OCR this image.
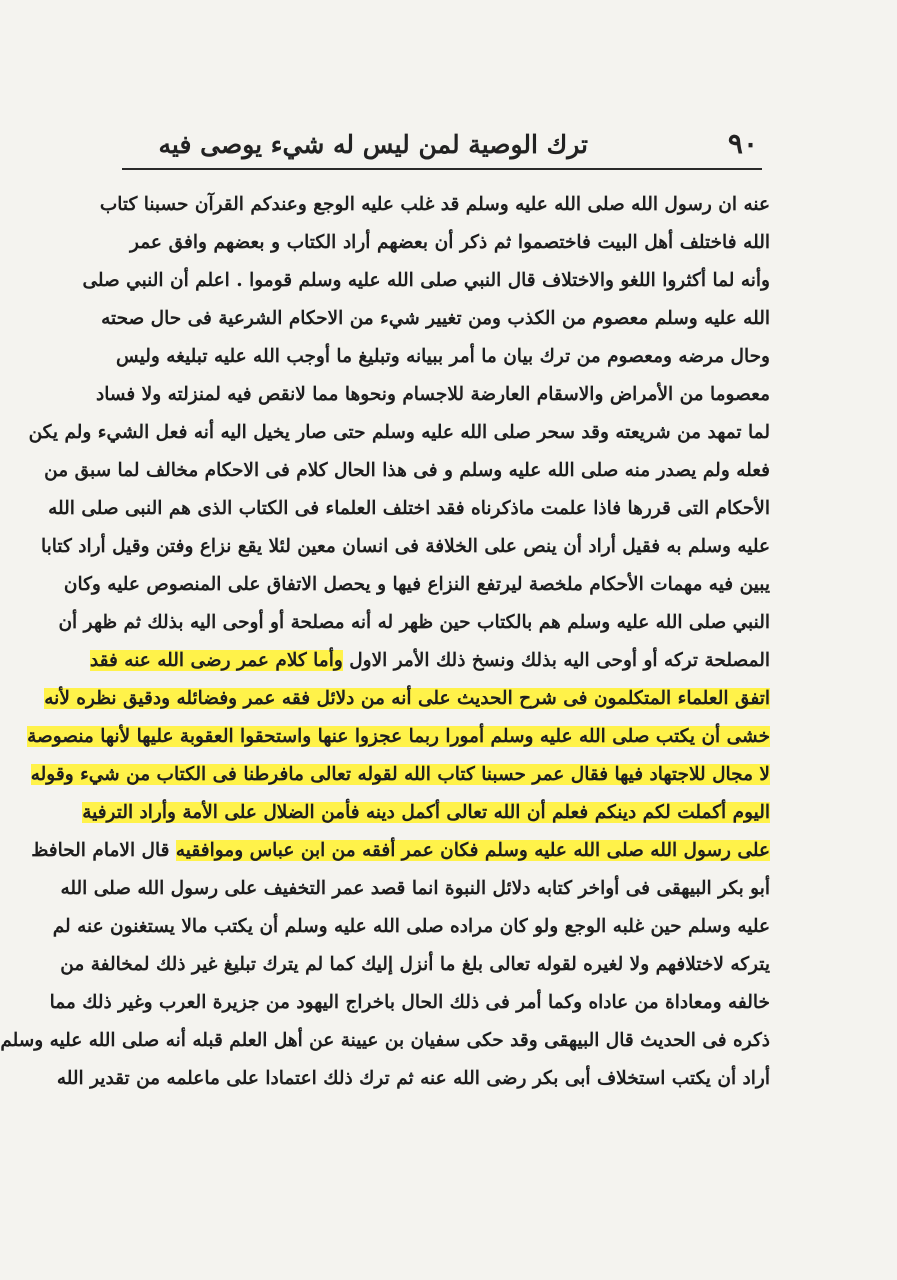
٩٠
ترك الوصية لمن ليس له شيء يوصى فيه
عنه ان رسول الله صلى الله عليه وسلم قد غلب عليه الوجع وعندكم القرآن حسبنا كتاب
الله فاختلف أهل البيت فاختصموا ثم ذكر أن بعضهم أراد الكتاب و بعضهم وافق عمر
وأنه لما أكثروا اللغو والاختلاف قال النبي صلى الله عليه وسلم قوموا . اعلم أن النبي صلى
الله عليه وسلم معصوم من الكذب ومن تغيير شيء من الاحكام الشرعية فى حال صحته
وحال مرضه ومعصوم من ترك بيان ما أمر ببيانه وتبليغ ما أوجب الله عليه تبليغه وليس
معصوما من الأمراض والاسقام العارضة للاجسام ونحوها مما لانقص فيه لمنزلته ولا فساد
لما تمهد من شريعته وقد سحر صلى الله عليه وسلم حتى صار يخيل اليه أنه فعل الشيء ولم يكن
فعله ولم يصدر منه صلى الله عليه وسلم و فى هذا الحال كلام فى الاحكام مخالف لما سبق من
الأحكام التى قررها فاذا علمت ماذكرناه فقد اختلف العلماء فى الكتاب الذى هم النبى صلى الله
عليه وسلم به فقيل أراد أن ينص على الخلافة فى انسان معين لئلا يقع نزاع وفتن وقيل أراد كتابا
يبين فيه مهمات الأحكام ملخصة ليرتفع النزاع فيها و يحصل الاتفاق على المنصوص عليه وكان
النبي صلى الله عليه وسلم هم بالكتاب حين ظهر له أنه مصلحة أو أوحى اليه بذلك ثم ظهر أن
المصلحة تركه أو أوحى اليه بذلك ونسخ ذلك الأمر الاول وأما كلام عمر رضى الله عنه فقد
اتفق العلماء المتكلمون فى شرح الحديث على أنه من دلائل فقه عمر وفضائله ودقيق نظره لأنه
خشى أن يكتب صلى الله عليه وسلم أمورا ربما عجزوا عنها واستحقوا العقوبة عليها لأنها منصوصة
لا مجال للاجتهاد فيها فقال عمر حسبنا كتاب الله لقوله تعالى مافرطنا فى الكتاب من شيء وقوله
اليوم أكملت لكم دينكم فعلم أن الله تعالى أكمل دينه فأمن الضلال على الأمة وأراد الترفية
على رسول الله صلى الله عليه وسلم فكان عمر أفقه من ابن عباس وموافقيه قال الامام الحافظ
أبو بكر البيهقى فى أواخر كتابه دلائل النبوة انما قصد عمر التخفيف على رسول الله صلى الله
عليه وسلم حين غلبه الوجع ولو كان مراده صلى الله عليه وسلم أن يكتب مالا يستغنون عنه لم
يتركه لاختلافهم ولا لغيره لقوله تعالى بلغ ما أنزل إليك كما لم يترك تبليغ غير ذلك لمخالفة من
خالفه ومعاداة من عاداه وكما أمر فى ذلك الحال باخراج اليهود من جزيرة العرب وغير ذلك مما
ذكره فى الحديث قال البيهقى وقد حكى سفيان بن عيينة عن أهل العلم قبله أنه صلى الله عليه وسلم
أراد أن يكتب استخلاف أبى بكر رضى الله عنه ثم ترك ذلك اعتمادا على ماعلمه من تقدير الله
